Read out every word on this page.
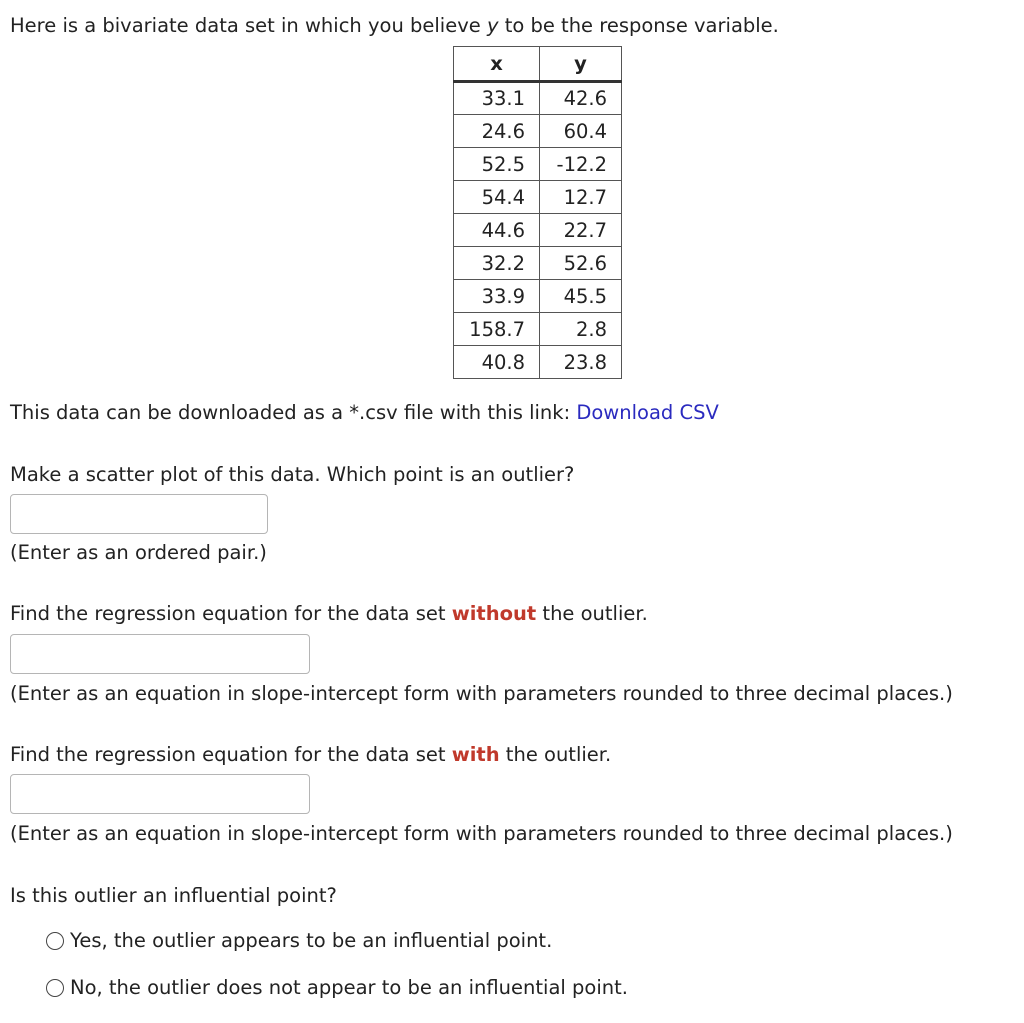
Here is a bivariate data set in which you believe y to be the response variable.
x	y
33.1	42.6
24.6	60.4
52.5	-12.2
54.4	12.7
44.6	22.7
32.2	52.6
33.9	45.5
158.7	2.8
40.8	23.8
This data can be downloaded as a *.csv file with this link: Download CSV
Make a scatter plot of this data. Which point is an outlier?
(Enter as an ordered pair.)
Find the regression equation for the data set without the outlier.
(Enter as an equation in slope-intercept form with parameters rounded to three decimal places.)
Find the regression equation for the data set with the outlier.
(Enter as an equation in slope-intercept form with parameters rounded to three decimal places.)
Is this outlier an influential point?
Yes, the outlier appears to be an influential point.
No, the outlier does not appear to be an influential point.
